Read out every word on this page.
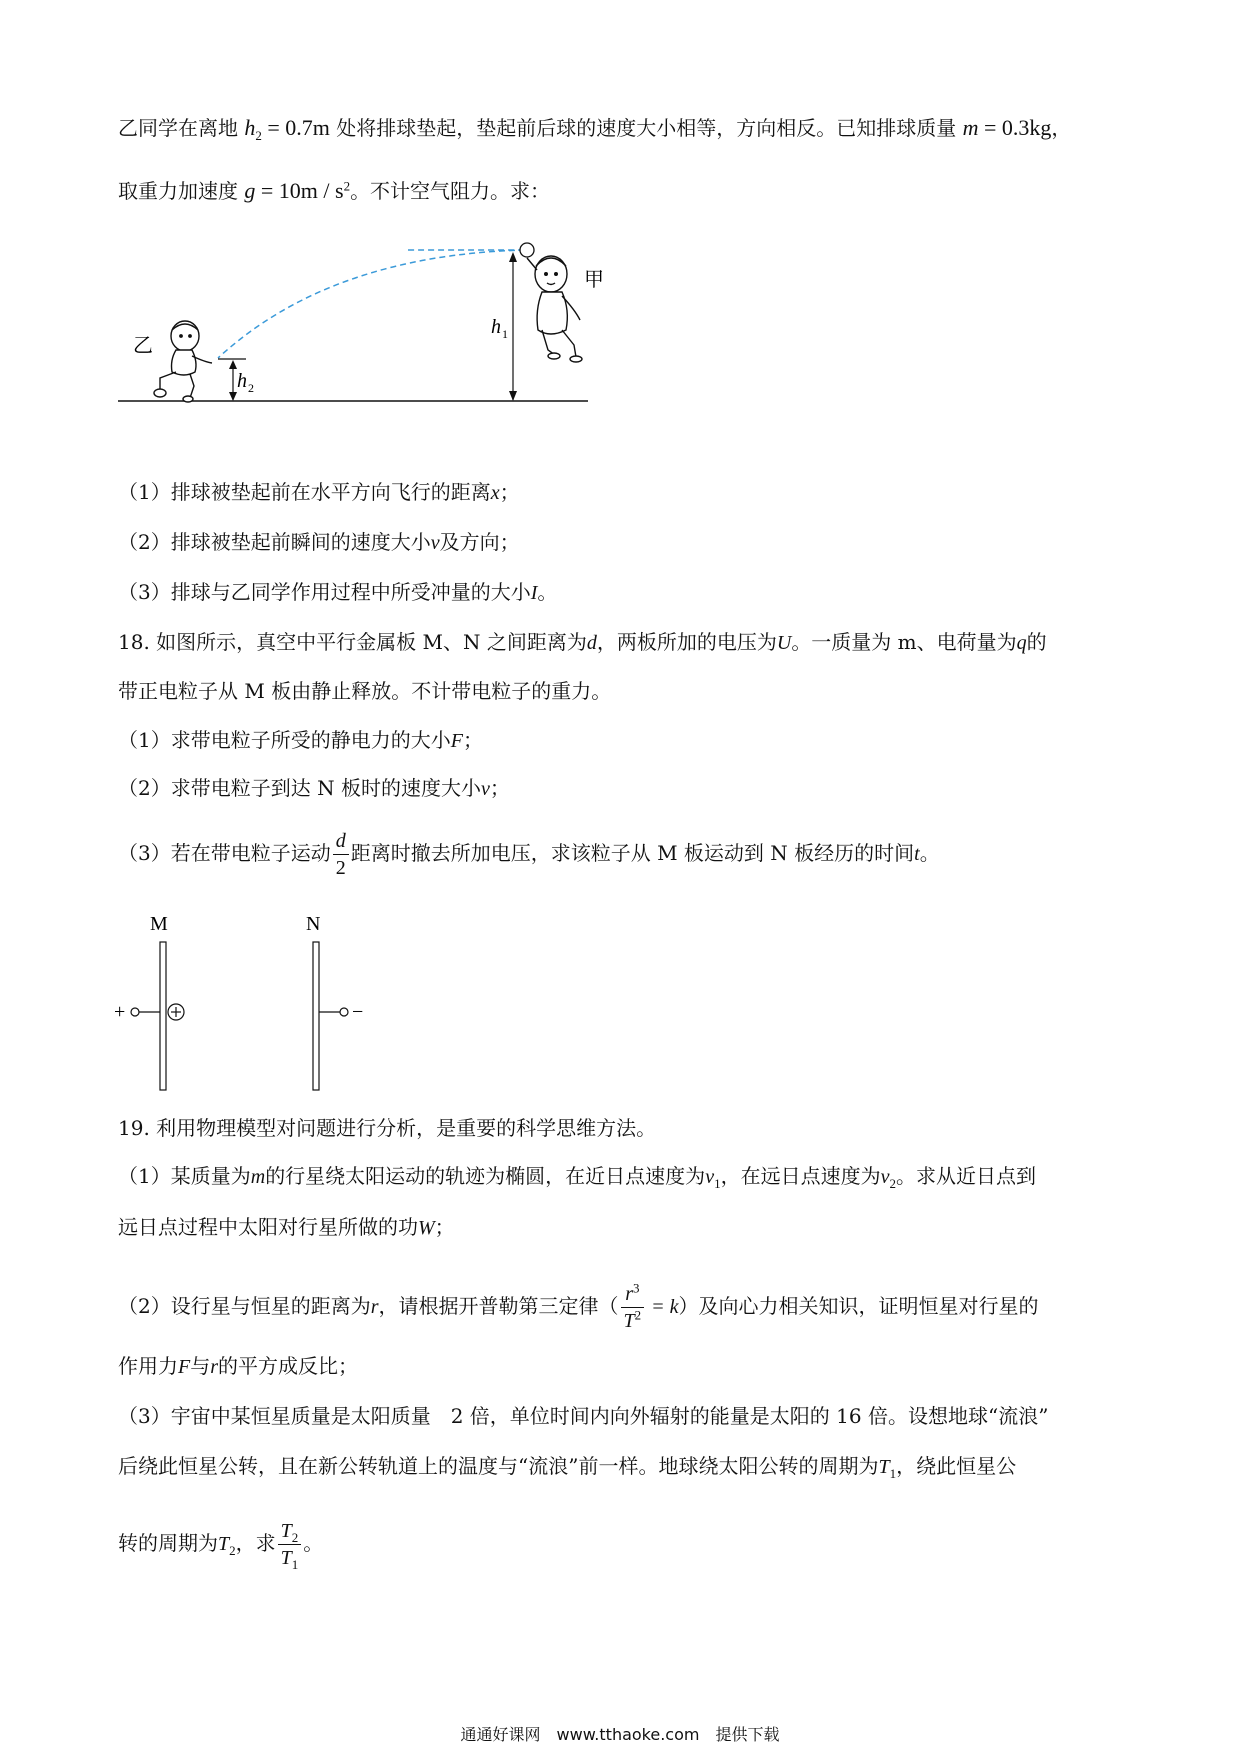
乙同学在离地 $h_2 = 0.7m$ 处将排球垫起，垫起前后球的速度大小相等，方向相反。已知排球质量 m = 0.3kg，
取重力加速度 $g = 10m / s^2$。不计空气阻力。求：
h 1
h 2
甲
乙
（1）排球被垫起前在水平方向飞行的距离x；
（2）排球被垫起前瞬间的速度大小v及方向；
（3）排球与乙同学作用过程中所受冲量的大小I。
18. 如图所示，真空中平行金属板 M、N 之间距离为d，两板所加的电压为U。一质量为 m、电荷量为q的
带正电粒子从 M 板由静止释放。不计带电粒子的重力。
（1）求带电粒子所受的静电力的大小F；
（2）求带电粒子到达 N 板时的速度大小v；
（3）若在带电粒子运动 $\frac{d}{2}$ 距离时撤去所加电压，求该粒子从 M 板运动到 N 板经历的时间t。
M	N
+	−
19. 利用物理模型对问题进行分析，是重要的科学思维方法。
（1）某质量为m的行星绕太阳运动的轨迹为椭圆，在近日点速度为$v_1$，在远日点速度为$v_2$。求从近日点到
远日点过程中太阳对行星所做的功W；
（2）设行星与恒星的距离为r，请根据开普勒第三定律（ $\frac{r^3}{T^2} = k$）及向心力相关知识，证明恒星对行星的
作用力F与r的平方成反比；
（3）宇宙中某恒星质量是太阳质量　2 倍，单位时间内向外辐射的能量是太阳的 16 倍。设想地球“流浪”
后绕此恒星公转，且在新公转轨道上的温度与“流浪”前一样。地球绕太阳公转的周期为$T_1$，绕此恒星公
转的周期为$T_2$，求 $\frac{T_2}{T_1}$ 。
通通好课网　www.tthaoke.com　提供下载
